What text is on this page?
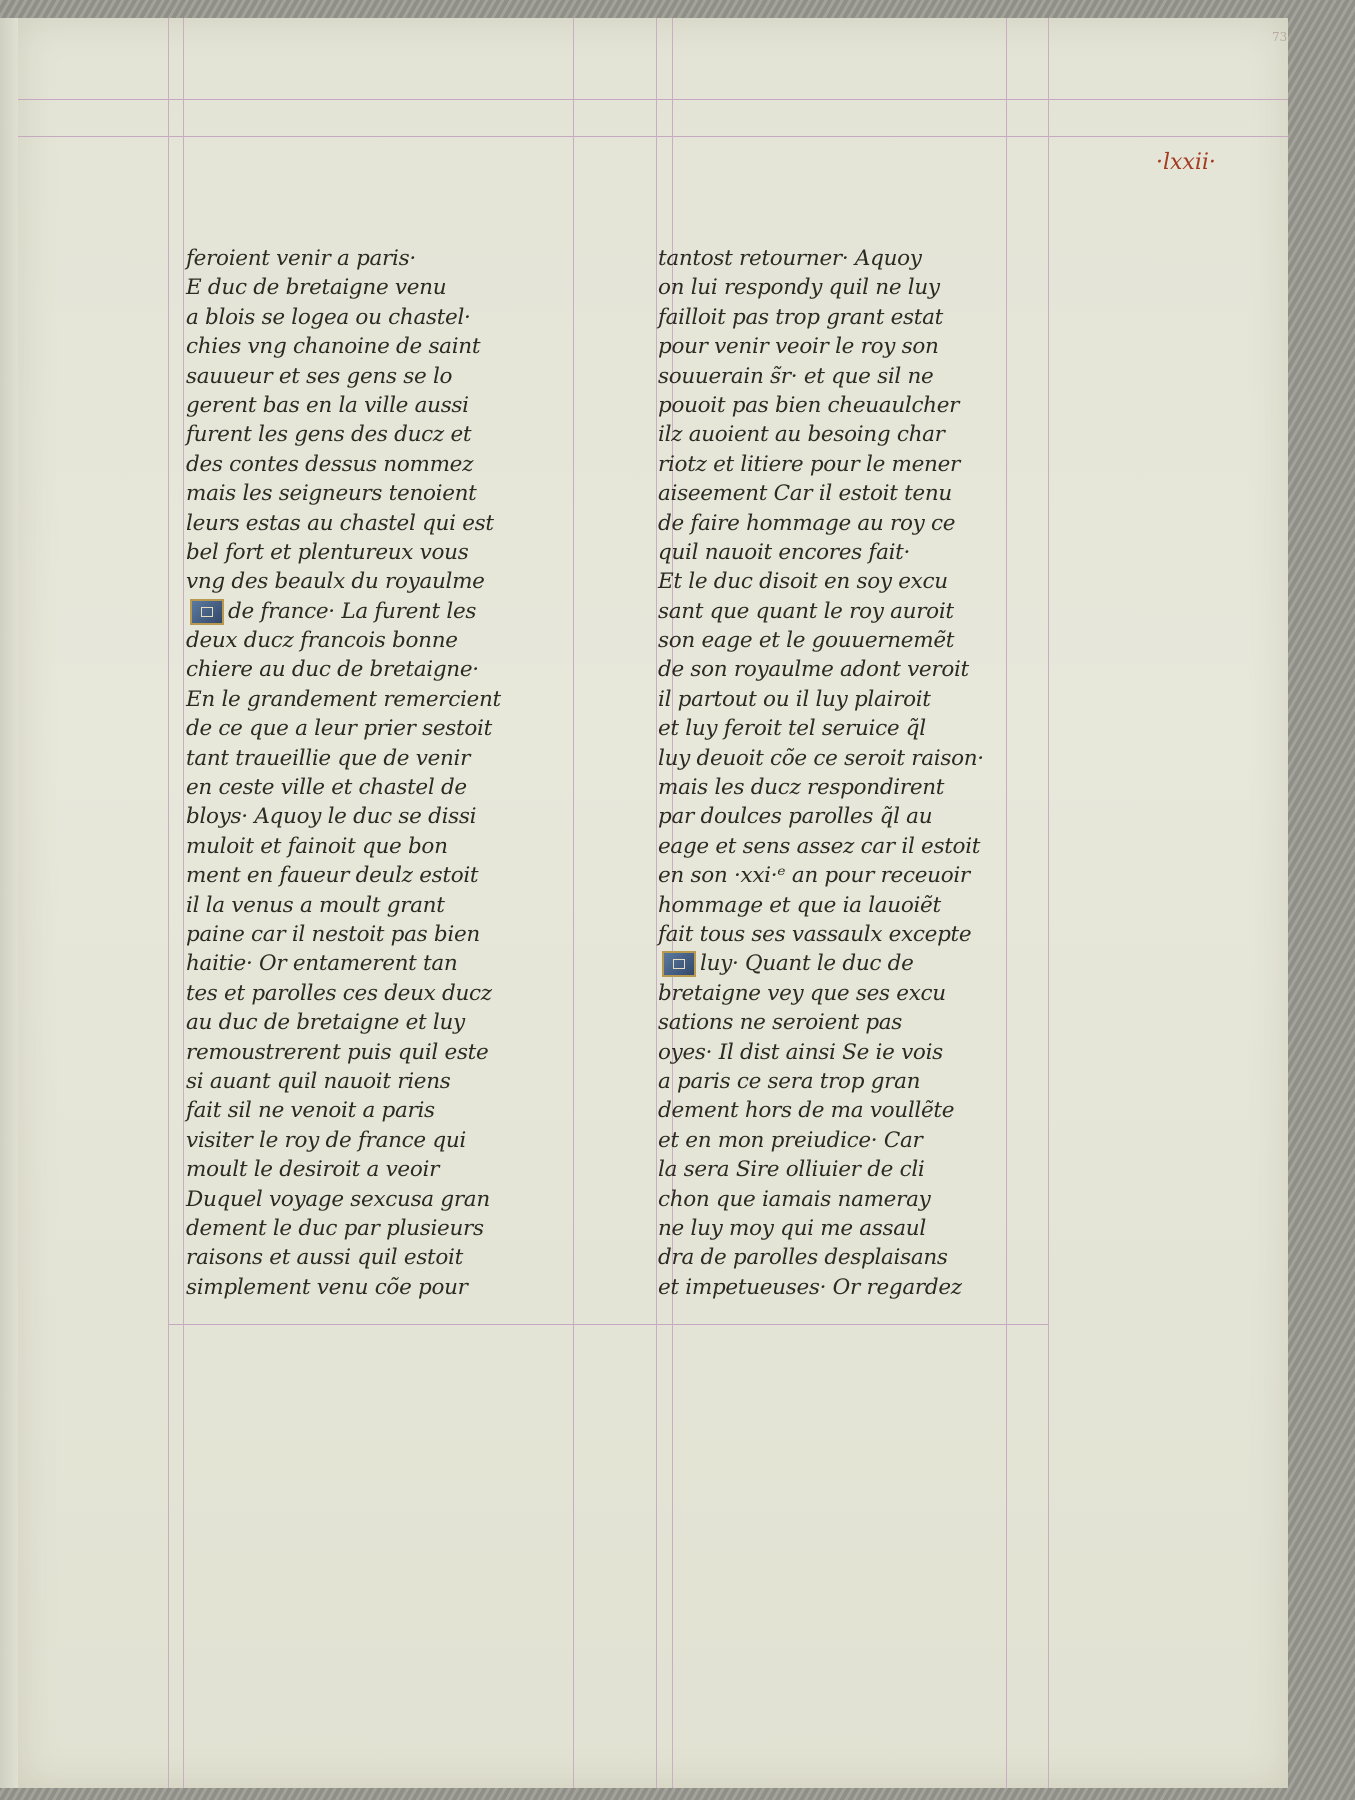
73
·lxxii·
feroient venir a paris·
E duc de bretaigne venu
a blois se logea ou chastel·
chies vng chanoine de saint
sauueur et ses gens se lo
gerent bas en la ville aussi
furent les gens des ducz et
des contes dessus nommez
mais les seigneurs tenoient
leurs estas au chastel qui est
bel fort et plentureux vous
vng des beaulx du royaulme
de france· La furent les
deux ducz francois bonne
chiere au duc de bretaigne·
En le grandement remercient
de ce que a leur prier sestoit
tant traueillie que de venir
en ceste ville et chastel de
bloys· Aquoy le duc se dissi
muloit et fainoit que bon
ment en faueur deulz estoit
il la venus a moult grant
paine car il nestoit pas bien
haitie· Or entamerent tan
tes et parolles ces deux ducz
au duc de bretaigne et luy
remoustrerent puis quil este
si auant quil nauoit riens
fait sil ne venoit a paris
visiter le roy de france qui
moult le desiroit a veoir
Duquel voyage sexcusa gran
dement le duc par plusieurs
raisons et aussi quil estoit
simplement venu cõe pour
tantost retourner· Aquoy
on lui respondy quil ne luy
failloit pas trop grant estat
pour venir veoir le roy son
souuerain s̃r· et que sil ne
pouoit pas bien cheuaulcher
ilz auoient au besoing char
riotz et litiere pour le mener
aiseement Car il estoit tenu
de faire hommage au roy ce
quil nauoit encores fait·
Et le duc disoit en soy excu
sant que quant le roy auroit
son eage et le gouuernemẽt
de son royaulme adont veroit
il partout ou il luy plairoit
et luy feroit tel seruice q̃l
luy deuoit cõe ce seroit raison·
mais les ducz respondirent
par doulces parolles q̃l au
eage et sens assez car il estoit
en son ·xxi·ᵉ an pour receuoir
hommage et que ia lauoiẽt
fait tous ses vassaulx excepte
luy· Quant le duc de
bretaigne vey que ses excu
sations ne seroient pas
oyes· Il dist ainsi Se ie vois
a paris ce sera trop gran
dement hors de ma voullẽte
et en mon preiudice· Car
la sera Sire olliuier de cli
chon que iamais nameray
ne luy moy qui me assaul
dra de parolles desplaisans
et impetueuses· Or regardez
